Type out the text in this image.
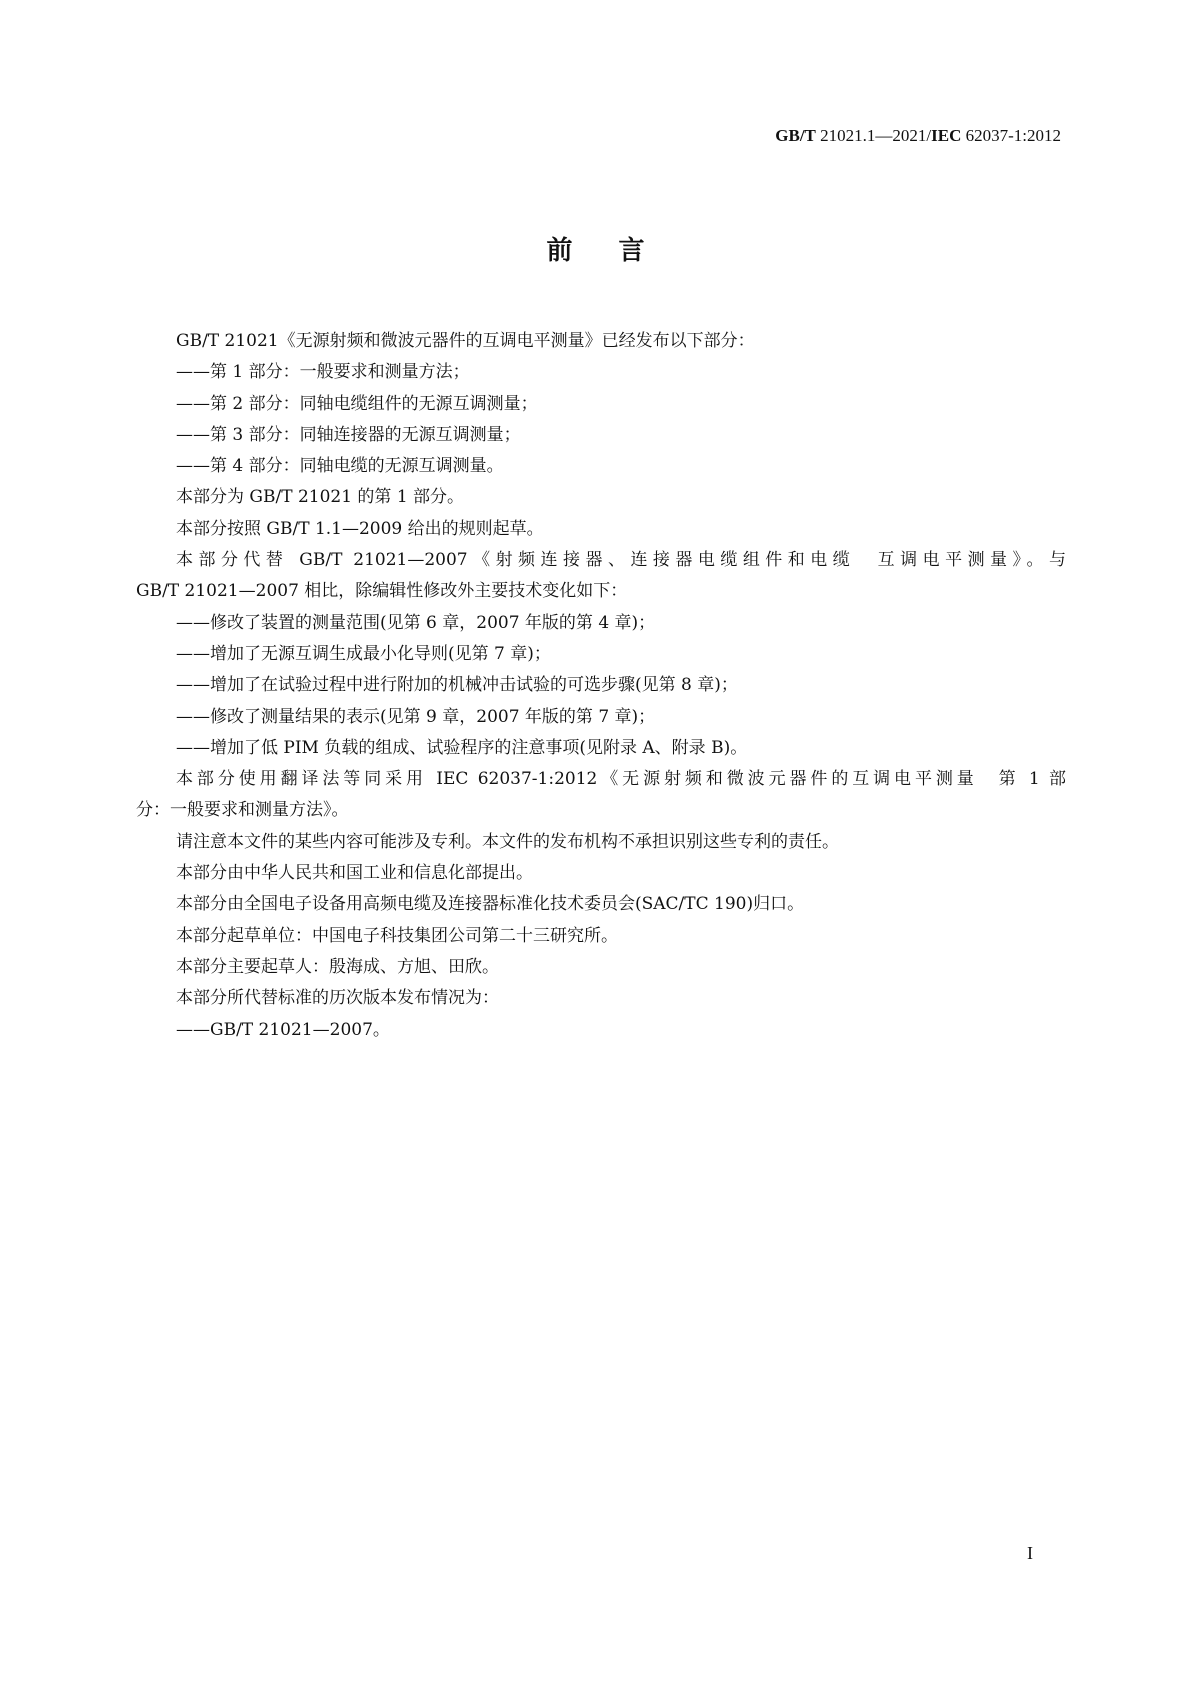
GB/T 21021.1—2021/IEC 62037-1:2012
前言
GB/T 21021《无源射频和微波元器件的互调电平测量》已经发布以下部分：
——第 1 部分：一般要求和测量方法；
——第 2 部分：同轴电缆组件的无源互调测量；
——第 3 部分：同轴连接器的无源互调测量；
——第 4 部分：同轴电缆的无源互调测量。
本部分为 GB/T 21021 的第 1 部分。
本部分按照 GB/T 1.1—2009 给出的规则起草。
本部分代替 GB/T 21021—2007《射频连接器、连接器电缆组件和电缆　互调电平测量》。与
GB/T 21021—2007 相比，除编辑性修改外主要技术变化如下：
——修改了装置的测量范围(见第 6 章，2007 年版的第 4 章)；
——增加了无源互调生成最小化导则(见第 7 章)；
——增加了在试验过程中进行附加的机械冲击试验的可选步骤(见第 8 章)；
——修改了测量结果的表示(见第 9 章，2007 年版的第 7 章)；
——增加了低 PIM 负载的组成、试验程序的注意事项(见附录 A、附录 B)。
本部分使用翻译法等同采用 IEC 62037-1:2012《无源射频和微波元器件的互调电平测量　第 1 部
分：一般要求和测量方法》。
请注意本文件的某些内容可能涉及专利。本文件的发布机构不承担识别这些专利的责任。
本部分由中华人民共和国工业和信息化部提出。
本部分由全国电子设备用高频电缆及连接器标准化技术委员会(SAC/TC 190)归口。
本部分起草单位：中国电子科技集团公司第二十三研究所。
本部分主要起草人：殷海成、方旭、田欣。
本部分所代替标准的历次版本发布情况为：
——GB/T 21021—2007。
I
